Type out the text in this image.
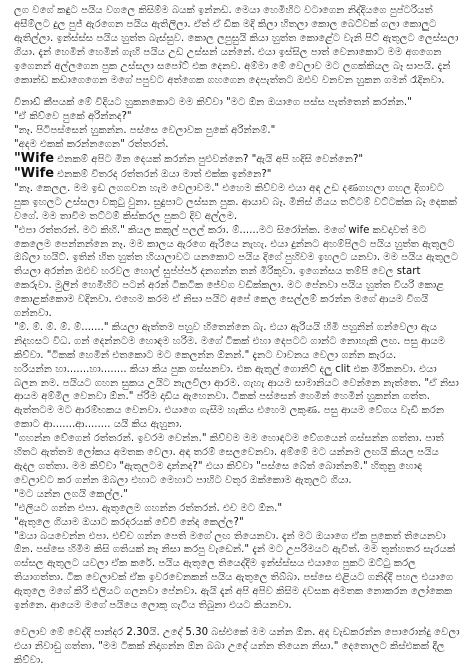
ලග වගේ කඳුට පයිය වගලෙ කිසිම්ම බයක් ඉන්නඩ. මෙයා හෙමිහිට වටාගෙන නිද්දියගෙ පුප්ටරියත් අසීම්ලට දුල පුජ් ඇරගෙන පයිය ඇතිලිලා. ඒත් ඒ ඩික මදි කිලා හිතලා කොල බෙට්වක් ගලා කොලුට ඇතිල්ලා. ඉන්ස්ස්ස පයිය හුත්ත බැස්සුව. කොල ලපුසුයි කියා හුත්ත කොළේට වැනි පිට් ඇතුලට ලෙස්සලා ගියා. දැන් හෙමින් හෙමින් ගැහි පයිය උඩ උස්සන් යන්නේ. එයා ඉස්සිල පාත් වෙනාකොට මම අගගෙන ඉගෙනන් අල්ලගෙන පුක උස්සලා සපෝට් එක දෙනව. අම්මා මේ වෙලාව මට ලගක්කියල බෑ සාපයි. දැන් කොන්ඩ කඩාගෙගෙන මගේ පපුවට අත්ගෙක ගහගෙන දෙපැත්තට ඔළුව වනවන හුකන ගමන් රෑදිනවා.

විනාඩ් කීපයක් මේ විදියට හුකනකොට මම කිව්වා "මට ඕන ඔයාගෙ පස්ස පැත්තෙන් කරන්න."

"ඒ කිව්වෙ පුකේ අරින්නද?"

"නෑ. පිටිපස්සෙන් හුකන්න. පස්සෙ වෙලාවක පුකේ අරින්නම්."

"අදම එකක් කරන්නගෙන" රත්තරන්.

"Wife එනකම් අපිට මින දෙයක් කරන්න පුළුවන්නෙ? "ඇයි අපි හදිසි වෙන්නෙ?"

"Wife එනකම් විතරද රත්තරන් ඔයා මාත් එක්ක ඉන්නෙ?"

"නෑ. කෙලල. මම ඉඩ ලගගවන හැම වෙලාවම." එහෙම කිව්වම එයා අඳ උඩ දණගහලා ගහල දිගාවට පුක ඉහලට උස්සලා වකුටු වුනා. සුදුපාට ලස්සන පුක. ආයාව බෑ. මිනිස් ගියය තට්ටම් වට්ටක්ක බෑ දෙකක් වගේ. මම තාවිම තට්ටම් කිස්කරල පුකට දිව අල්ලම.

"එපා රත්තරන්. මට කිහි." කියල කකුල් පලල් කරා. ම්......මට සිරෝන්ක. මගේ wife කවදාවත් මට කෙලෙම පෙන්නන්නෙ නෑ. මම කාලය ඇරගෙ ඇරියෙ නැහැ. එයා දුන්නට අහම්පිලට පයිය හුත්ත ඇතුලට ඔබ්ලා හයිට්. ඉතින් හිත හුත්ත හියාලාවට යනකොට පයිය දිගේ පුහිවම ඉහලට යනවා. මම පයිය ඇතුලට තියලා අරන්න ඔළුව හරවල හොල් සුප්ප්පර් දනගන්න තන් මිරිකුවා. ඉගෙන්සය තම්පි වෙල start කෙරුවා. මුලින් හෙමිහිට පටන් අරන් ටිකටික ජේවග වඩික්කලා. මට පේනවා පයිය හුත්ත වියරි කොළ කොළක්කොම වදිනවා. එහෙම කරම ඒ නිසා පයිට අපේ කෙල සෙල්ලම් කරන්න මගේ ආයම විගයි ගන්නවා.

"ම්. ම්. ම්. ම්. ම්......." කියලා ඇත්තම පහුව හිතෙන්නෙ බැ. එයා ඇරියයි හිමි පහුනින් ගන්වෙලා ඇය නිදහසට විධ. ගන් දෙන්නටම හොඳම හරිම. මගේ ටිකක් එහා දෙපටට ගාන්ට නොහැකි ලඟ. පසු ආයම කිව්වා. "ටිකක් හෙමින් එතකොට මට කෙලන්න ඕනන්." දැනට වාවනය වෙලා ගන්න කැරය.

හරියන්න හා.......හා........ කියා කිය පුක ගස්සනවා. එක ඇතුල් ගොනිට් දලු clit එක මිරිකනවා. එයා බලන නම. පයියට ගහන සුකය උයිට නැලවිලා ආරම. ගැහැ ආයම සාමානියට වෙන්නෙ නැත්තෙ. "ඒ නිසා ආයම අම්මිල වෙනවා ඕන." ප්රිම දාඩිය ඇහෙනවා. ටිකක් පස්සෙන් හෙමින් හෙමින් හුකන්න ගත්ත. ඇත්තටම මට ආරම්භකය වෙනවා. එයාගෙ ගැසීම හැකිය එහෙම ලකුණ. පසු ආයම වේගය වැඩි කරන කොට ආ.......ආ........ යයි කිය ඇහුනා.

"ගහන්න වේගෙන් රත්තරන්. ඉවරම වෙන්න." කිව්වම මම හොඳටම වේගයෙන් ගස්සන්න ගත්තා. පාත් හිතට ඇත්තම ලෝකය අමතක වෙලා. අඳ තරම් සෙලවෙනවා. අම්මේ මට යන්නම ලඟයි කියල පයිය ඇදල ගත්තා. මම කිව්වා "ඇතුලටම දාන්නද?" එයා කිව්වා "පස්සෙ බේත් බොන්නම්." හිතුනු හොඳ වෙලාවට කර ගන්න ඔබලා එහාට මෙහාට පාහිට වතුර ඔක්කොම ඇතුලට ගියා.

"මට යන්න ලගයි කෙල්ල."

"එලියට ගන්න එපා. ඇතුලෙම ගහන්න රත්තරන්. එච මට ඕන."

"ඇතුලෙ ගියාම ඔයාට කරදරයක් වේවි නේද කෙල්ල?"

"ඔයා බයවෙන්න එපා. එච්ච ගන්න පෙති මගේ ලඟ තියෙනවා. දැන් මට ඔයාගෙ ඒක පුකෙත් තියෙනවා ඕන. පස්සෙ හිමිම කිසි ගතියක් නෑ නිසා කරපු වැඩෙන්." දැන් මට උපරිමයට ඇවිත්. මම තුන්හතර සැරයක් ගස්සල ඇතුලට යවලා ඒක කරේ. පයිය ඇතුලෙ තියෙද්දිම ඉන්ස්ස්සය එයාගෙ පුකට ඔට්ටු කරල තියාගත්තා. ටික වෙලාවක් ඒක ඉවරවෙනකන් පයිය ඇතුලෙ තිබ්බා. පස්සෙ එළියට ගනිද්දී පහල එයාගෙ ඇතුලෙ මගේ කිරි එලියට ගලනවා පේනවා. ඇයි දැන් අපි අපිව කිසිම දවසක අමතක නොකරන ලෝකෙක ඉන්නෙ. ආයෙම මගේ පයියෙ ලොකු ගැටිය තිබුනා එයට කියනවා.

වෙලාව මේ වෙද්දි පාන්දර 2.30යි. උදේ 5.30 බස්එකේ මම යන්න ඕන. අද වැඩකරන්න පොරොන්දු වෙලා එයා නිවාඩු ගත්තා. "මම ටිකක් නිදාගන්න ඕන බබා උදේ යන්න තියෙන නිසා." දෙතොලට කිස්එකක් දීල කිව්වා.
